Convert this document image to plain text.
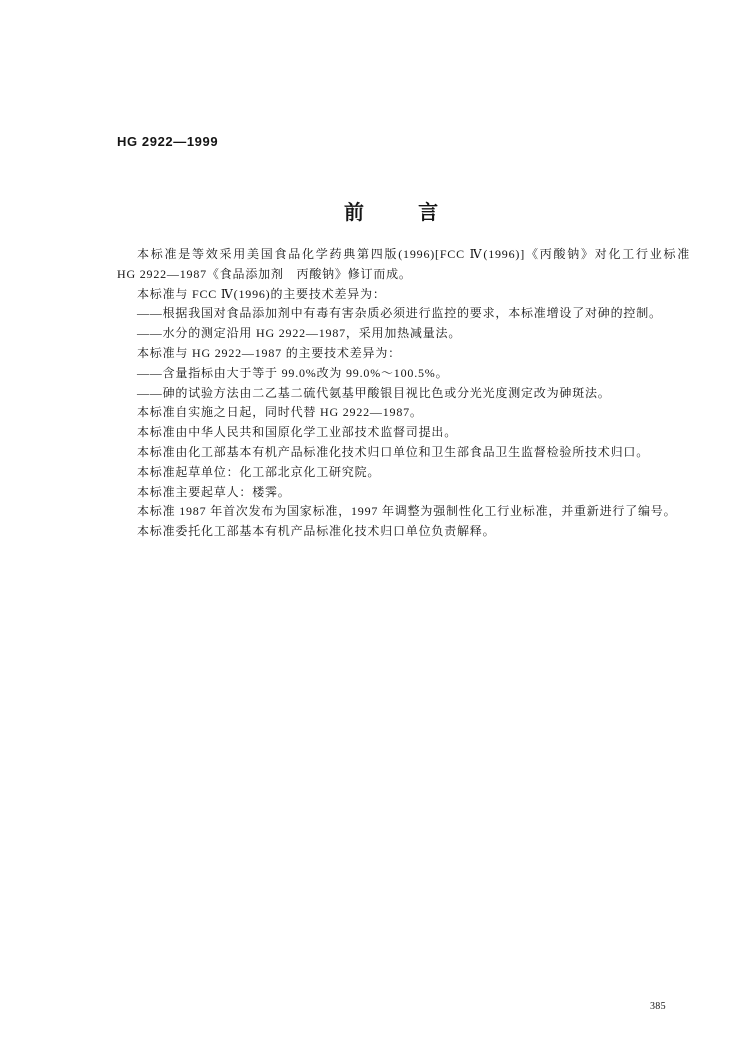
HG 2922—1999
前　　言
本标准是等效采用美国食品化学药典第四版(1996)[FCC Ⅳ(1996)]《丙酸钠》对化工行业标准
HG 2922—1987《食品添加剂　丙酸钠》修订而成。
本标准与 FCC Ⅳ(1996)的主要技术差异为：
——根据我国对食品添加剂中有毒有害杂质必须进行监控的要求，本标准增设了对砷的控制。
——水分的测定沿用 HG 2922—1987，采用加热减量法。
本标准与 HG 2922—1987 的主要技术差异为：
——含量指标由大于等于 99.0%改为 99.0%～100.5%。
——砷的试验方法由二乙基二硫代氨基甲酸银目视比色或分光光度测定改为砷斑法。
本标准自实施之日起，同时代替 HG 2922—1987。
本标准由中华人民共和国原化学工业部技术监督司提出。
本标准由化工部基本有机产品标准化技术归口单位和卫生部食品卫生监督检验所技术归口。
本标准起草单位：化工部北京化工研究院。
本标准主要起草人：楼霁。
本标准 1987 年首次发布为国家标准，1997 年调整为强制性化工行业标准，并重新进行了编号。
本标准委托化工部基本有机产品标准化技术归口单位负责解释。
385
